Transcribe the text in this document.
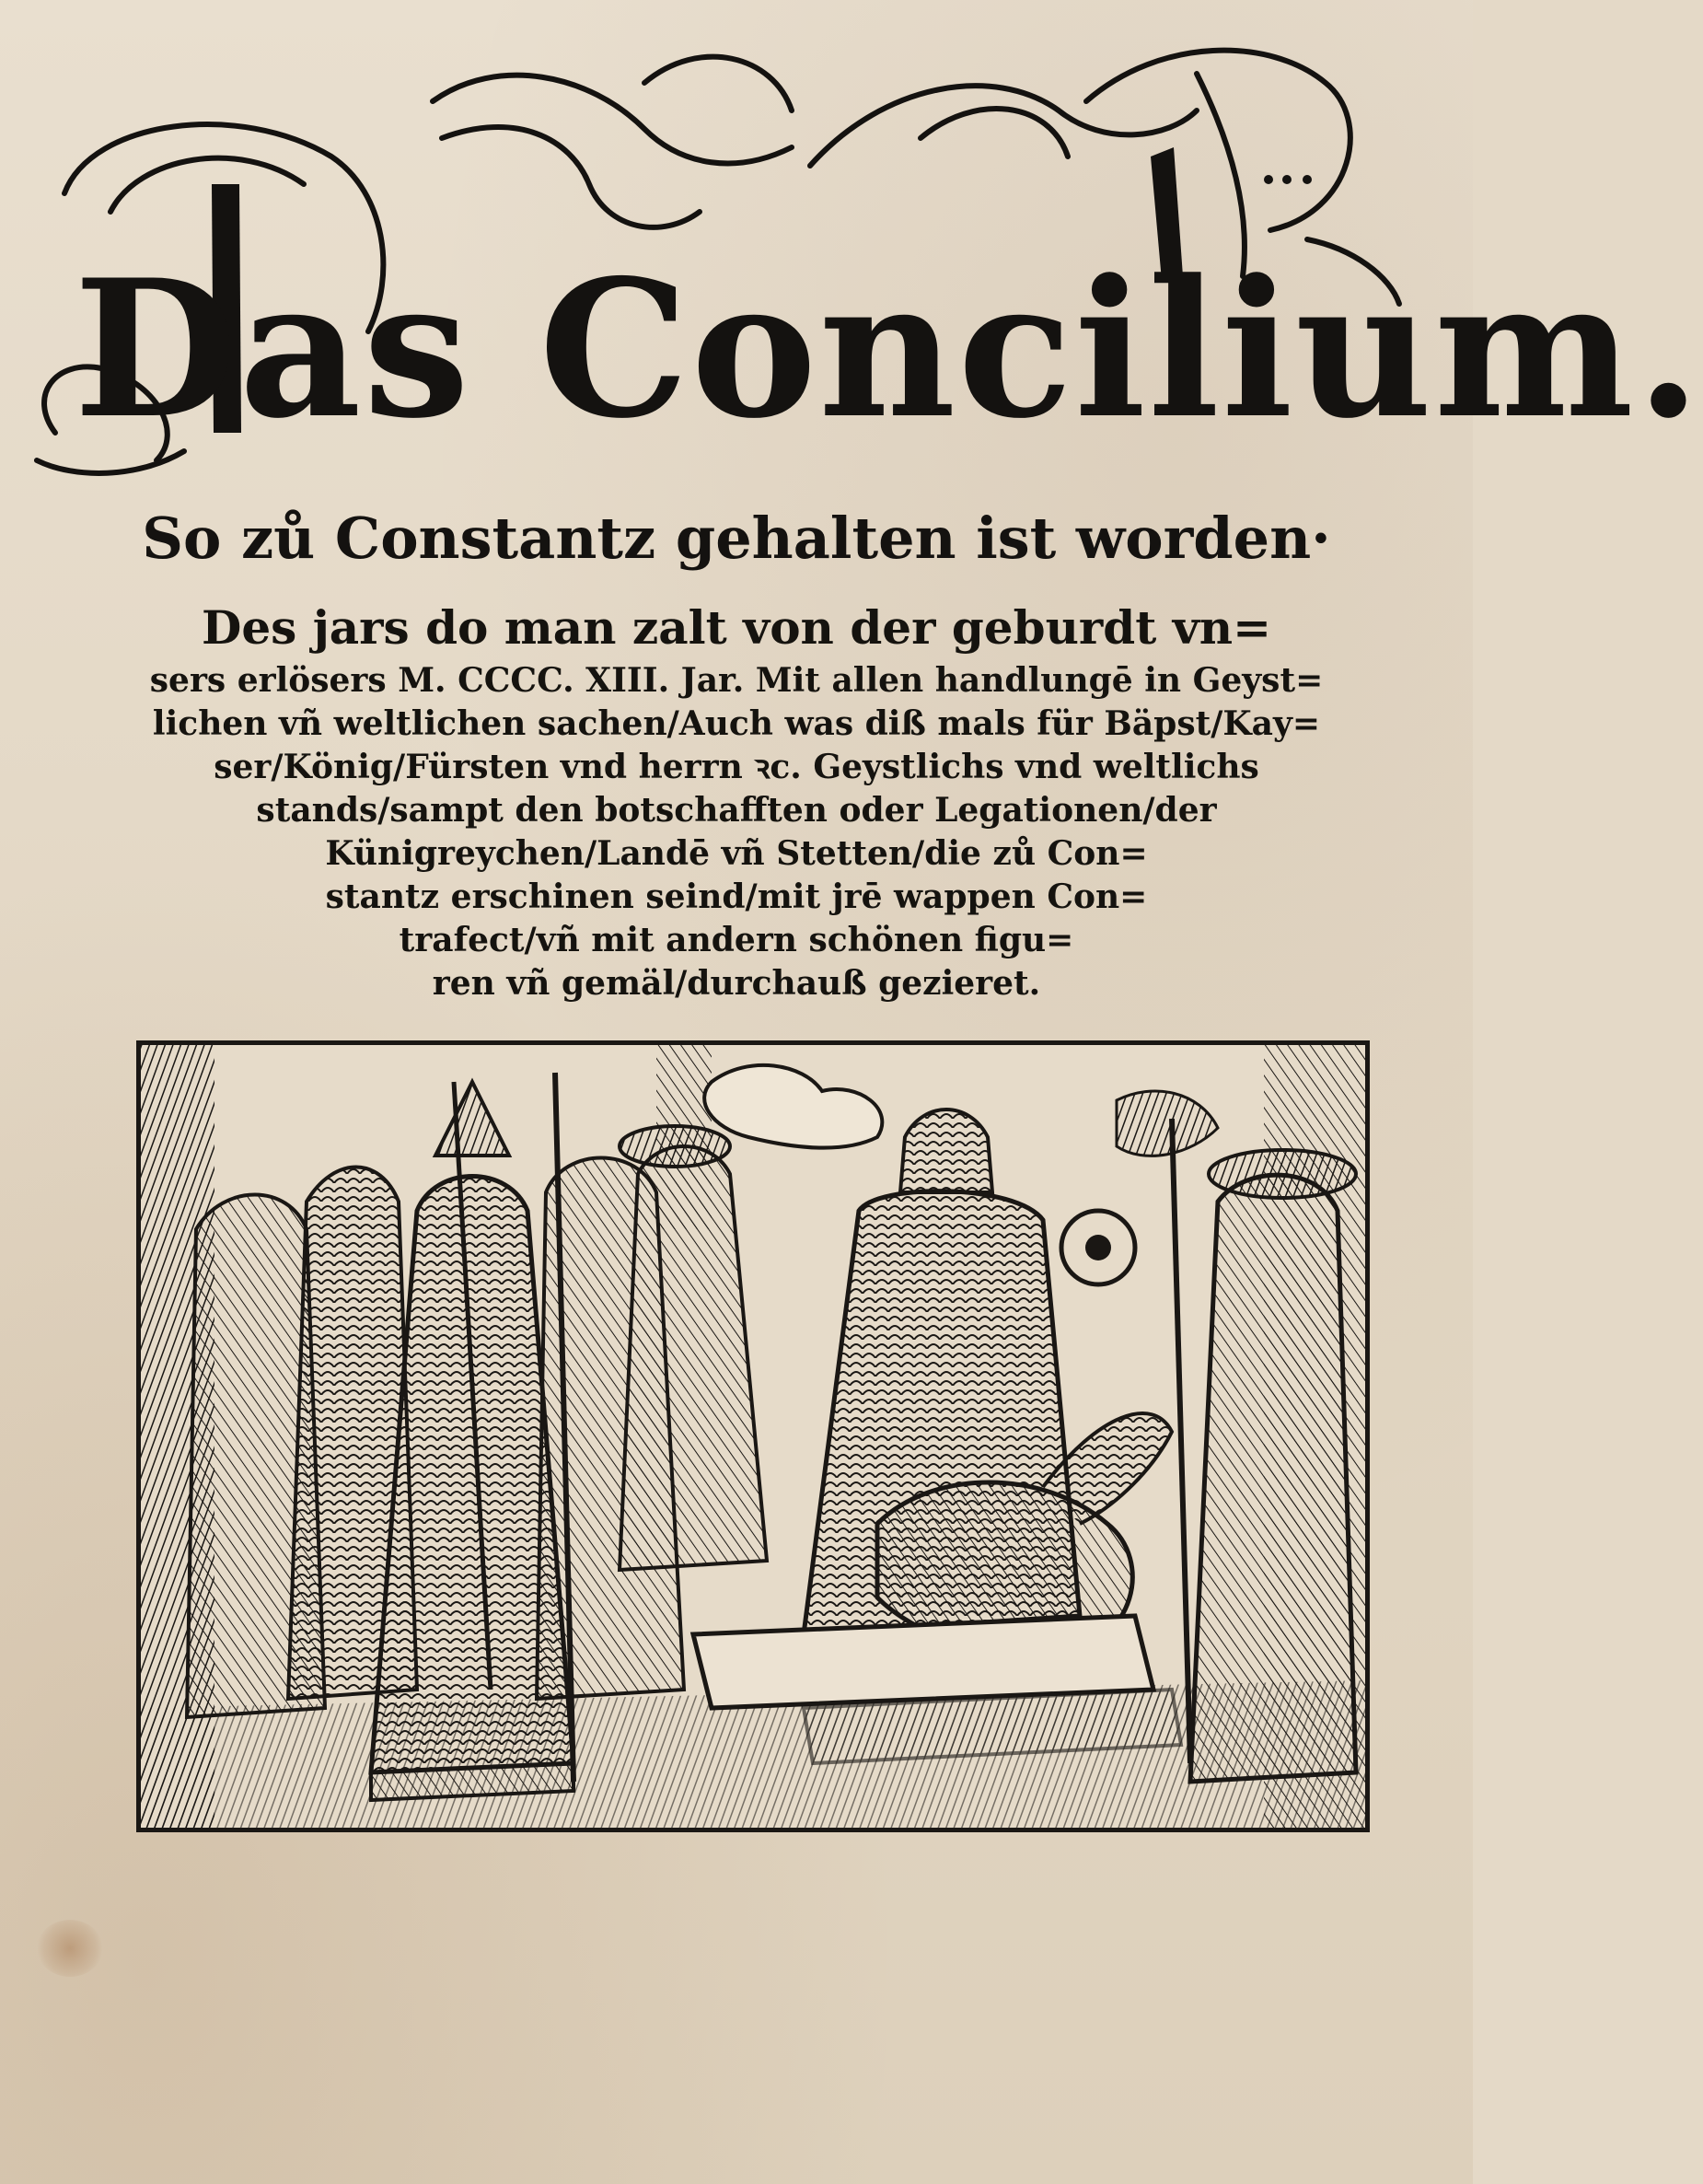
Das Concilium.
So zů Constantz gehalten ist worden·
Des jars do man zalt von der geburdt vn=
sers erlösers M. CCCC. XIII. Jar. Mit allen handlungē in Geyst=
lichen vñ weltlichen sachen/Auch was diß mals für Bäpst/Kay=
ser/König/Fürsten vnd herrn ꝛc. Geystlichs vnd weltlichs
stands/sampt den botschafften oder Legationen/der
Künigreychen/Landē vñ Stetten/die zů Con=
stantz erschinen seind/mit jrē wappen Con=
trafect/vñ mit andern schönen figu=
ren vñ gemäl/durchauß gezieret.
